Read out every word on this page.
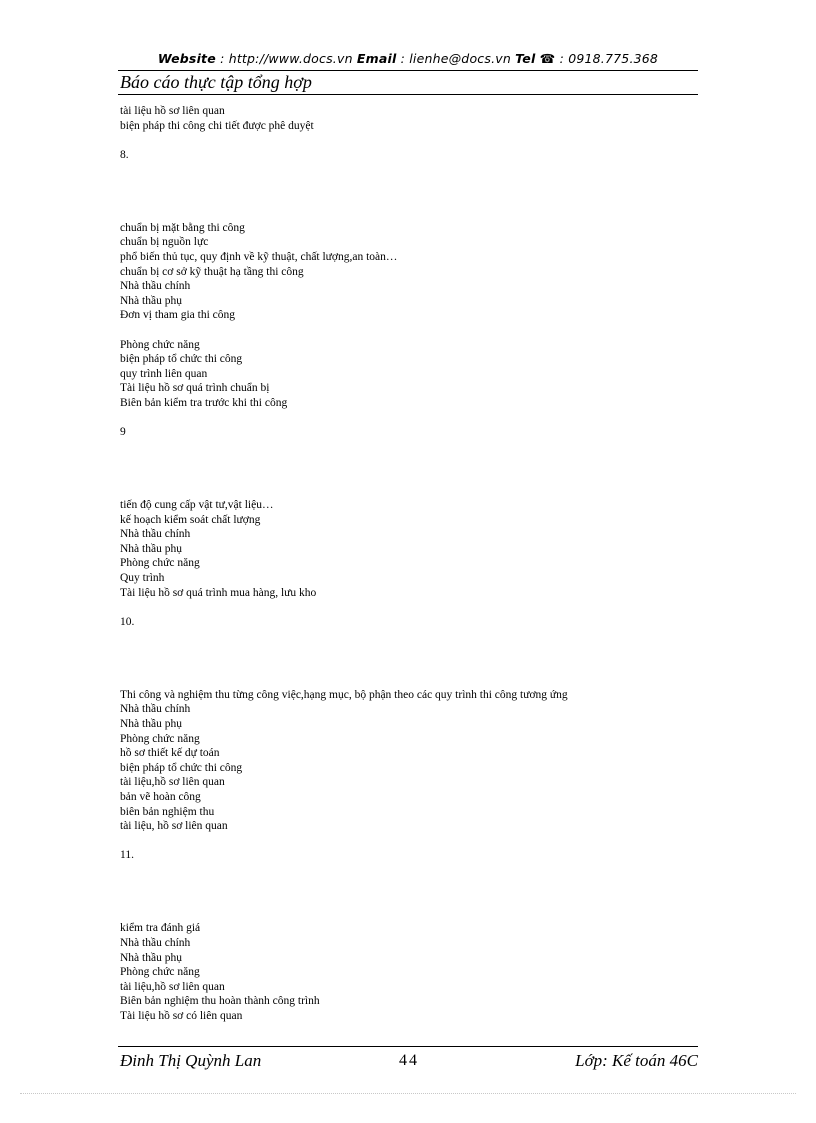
Website : http://www.docs.vn Email : lienhe@docs.vn Tel ☎ : 0918.775.368
Báo cáo thực tập tổng hợp
tài liệu hồ sơ liên quan
biện pháp thi công chi tiết được phê duyệt
8.
chuẩn bị mặt bằng thi công
chuẩn bị nguồn lực
phổ biến thủ tục, quy định về kỹ thuật, chất lượng,an toàn…
chuẩn bị cơ sở kỹ thuật hạ tầng thi công
Nhà thầu chính
Nhà thầu phụ
Đơn vị tham gia thi công
Phòng chức năng
biện pháp tổ chức thi công
quy trình liên quan
Tài liệu hồ sơ quá trình chuẩn bị
Biên bản kiểm tra trước khi thi công
9
tiến độ cung cấp vật tư,vật liệu…
kế hoạch kiểm soát chất lượng
Nhà thầu chính
Nhà thầu phụ
Phòng chức năng
Quy trình
Tài liệu hồ sơ quá trình mua hàng, lưu kho
10.
Thi công và nghiệm thu từng công việc,hạng mục, bộ phận theo các quy trình thi công tương ứng
Nhà thầu chính
Nhà thầu phụ
Phòng chức năng
hồ sơ thiết kế dự toán
biện pháp tổ chức thi công
tài liệu,hồ sơ liên quan
bản vẽ hoàn công
biên bản nghiệm thu
tài liệu, hồ sơ liên quan
11.
kiểm tra đánh giá
Nhà thầu chính
Nhà thầu phụ
Phòng chức năng
tài liệu,hồ sơ liên quan
Biên bản nghiệm thu hoàn thành công trình
Tài liệu hồ sơ có liên quan
Đinh Thị Quỳnh Lan	44	Lớp: Kế toán 46C
